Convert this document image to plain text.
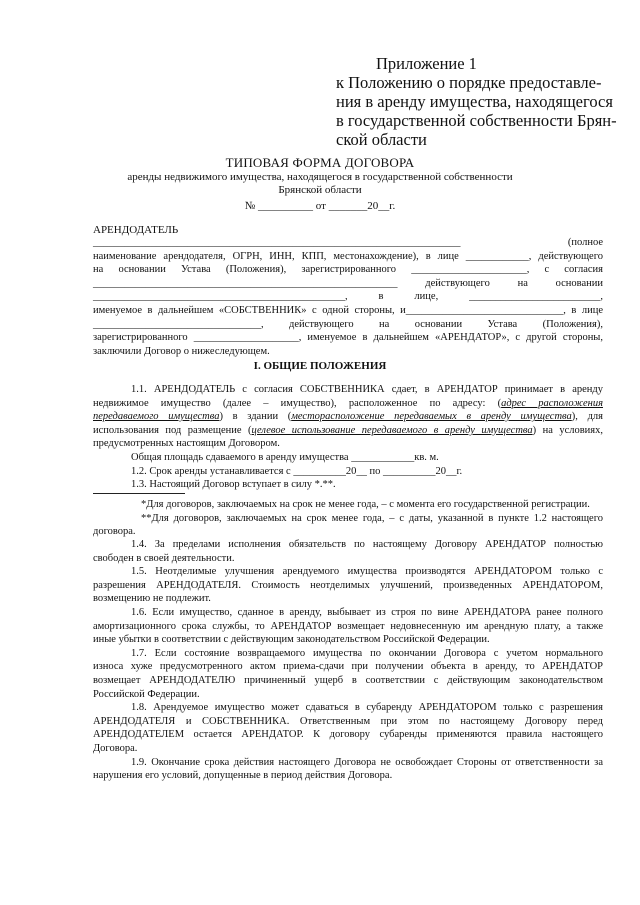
Приложение 1
к Положению о порядке предоставле-
ния в аренду имущества, находящегося
в государственной собственности Брян-
ской области
ТИПОВАЯ ФОРМА ДОГОВОРА
аренды недвижимого имущества, находящегося в государственной собственности
Брянской области
№ __________ от _______20__г.
АРЕНДОДАТЕЛЬ
______________________________________________________________________ (полное
наименование арендодателя, ОГРН, ИНН, КПП, местонахождение), в лице ____________, действующего
на основании Устава (Положения), зарегистрированного ______________________, с согласия
__________________________________________________________ действующего на основании
________________________________________________, в лице, _________________________,
именуемое в дальнейшем «СОБСТВЕННИК» с одной стороны, и______________________________, в лице
________________________________, действующего на основании Устава (Положения),
зарегистрированного ____________________, именуемое в дальнейшем «АРЕНДАТОР», с другой стороны,
заключили Договор о нижеследующем.
I. ОБЩИЕ ПОЛОЖЕНИЯ
1.1. АРЕНДОДАТЕЛЬ с согласия СОБСТВЕННИКА сдает, в АРЕНДАТОР принимает в аренду
недвижимое имущество (далее – имущество), расположенное по адресу: (адрес расположения
передаваемого имущества) в здании (месторасположение передаваемых в аренду имущества), для
использования под размещение (целевое использование передаваемого в аренду имущества) на условиях,
предусмотренных настоящим Договором.
Общая площадь сдаваемого в аренду имущества ____________кв. м.
1.2. Срок аренды устанавливается с __________20__ по __________20__г.
1.3. Настоящий Договор вступает в силу *.**.
*Для договоров, заключаемых на срок не менее года, – с момента его государственной регистрации.
**Для договоров, заключаемых на срок менее года, – с даты, указанной в пункте 1.2 настоящего
договора.
1.4. За пределами исполнения обязательств по настоящему Договору АРЕНДАТОР полностью
свободен в своей деятельности.
1.5. Неотделимые улучшения арендуемого имущества производятся АРЕНДАТОРОМ только с
разрешения АРЕНДОДАТЕЛЯ. Стоимость неотделимых улучшений, произведенных АРЕНДАТОРОМ,
возмещению не подлежит.
1.6. Если имущество, сданное в аренду, выбывает из строя по вине АРЕНДАТОРА ранее полного
амортизационного срока службы, то АРЕНДАТОР возмещает недовнесенную им арендную плату, а также
иные убытки в соответствии с действующим законодательством Российской Федерации.
1.7. Если состояние возвращаемого имущества по окончании Договора с учетом нормального
износа хуже предусмотренного актом приема-сдачи при получении объекта в аренду, то АРЕНДАТОР
возмещает АРЕНДОДАТЕЛЮ причиненный ущерб в соответствии с действующим законодательством
Российской Федерации.
1.8. Арендуемое имущество может сдаваться в субаренду АРЕНДАТОРОМ только с разрешения
АРЕНДОДАТЕЛЯ и СОБСТВЕННИКА. Ответственным при этом по настоящему Договору перед
АРЕНДОДАТЕЛЕМ остается АРЕНДАТОР. К договору субаренды применяются правила настоящего
Договора.
1.9. Окончание срока действия настоящего Договора не освобождает Стороны от ответственности за
нарушения его условий, допущенные в период действия Договора.
